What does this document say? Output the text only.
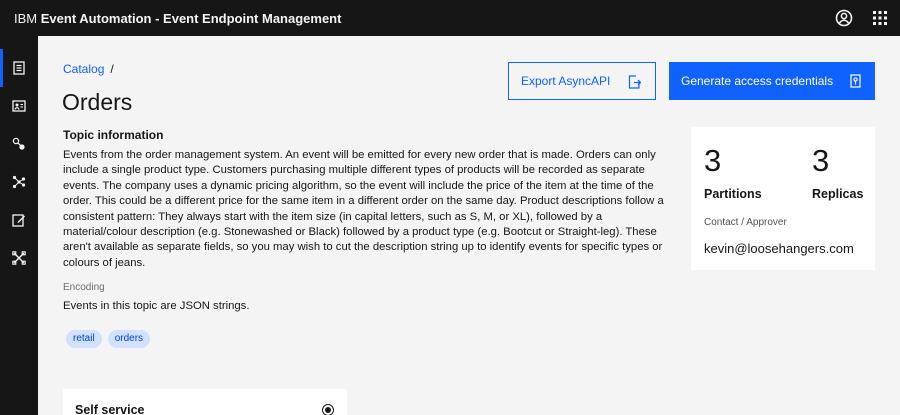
IBM Event Automation - Event Endpoint Management
Catalog /
Orders
Export AsyncAPI	Generate access credentials
Topic information

Events from the order management system. An event will be emitted for every new order that is made. Orders can only include a single product type. Customers purchasing multiple different types of products will be recorded as separate events. The company uses a dynamic pricing algorithm, so the event will include the price of the item at the time of the order. This could be a different price for the same item in a different order on the same day. Product descriptions follow a consistent pattern: They always start with the item size (in capital letters, such as S, M, or XL), followed by a material/colour description (e.g. Stonewashed or Black) followed by a product type (e.g. Bootcut or Straight-leg). These aren't available as separate fields, so you may wish to cut the description string up to identify events for specific types or colours of jeans.

Encoding
Events in this topic are JSON strings.
retail	orders
3	3
Partitions	Replicas
Contact / Approver
kevin@loosehangers.com
Self service
